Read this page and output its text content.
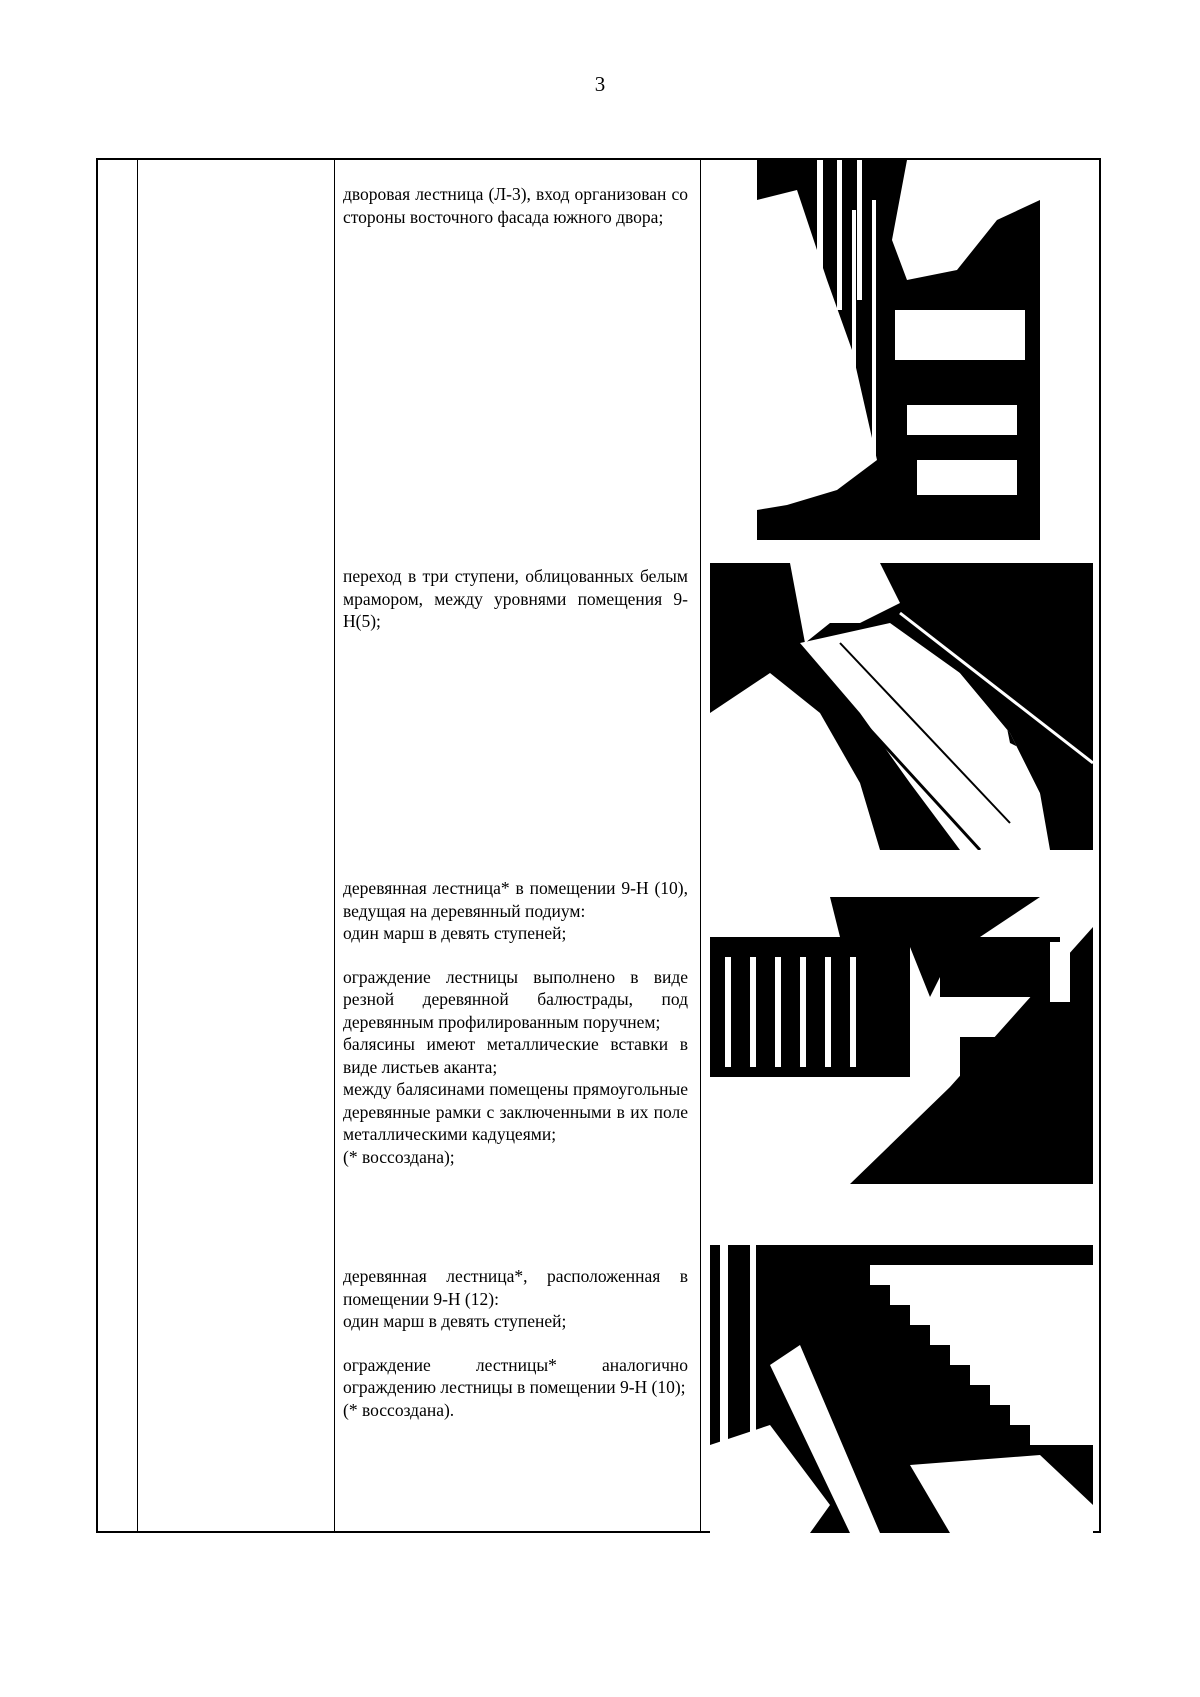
3

дворовая лестница (Л-3), вход организован со стороны восточного фасада южного двора;

переход в три ступени, облицованных белым мрамором, между уровнями помещения 9-Н(5);

деревянная лестница* в помещении 9-Н (10), ведущая на деревянный подиум:

один марш в девять ступеней;

ограждение лестницы выполнено в виде резной деревянной балюстрады, под деревянным профилированным поручнем;

балясины имеют металлические вставки в виде листьев аканта;

между балясинами помещены прямоугольные деревянные рамки с заключенными в их поле металлическими кадуцеями;

(* воссоздана);

деревянная лестница*, расположенная в помещении 9-Н (12):

один марш в девять ступеней;

ограждение лестницы* аналогично ограждению лестницы в помещении 9-Н (10);

(* воссоздана).
